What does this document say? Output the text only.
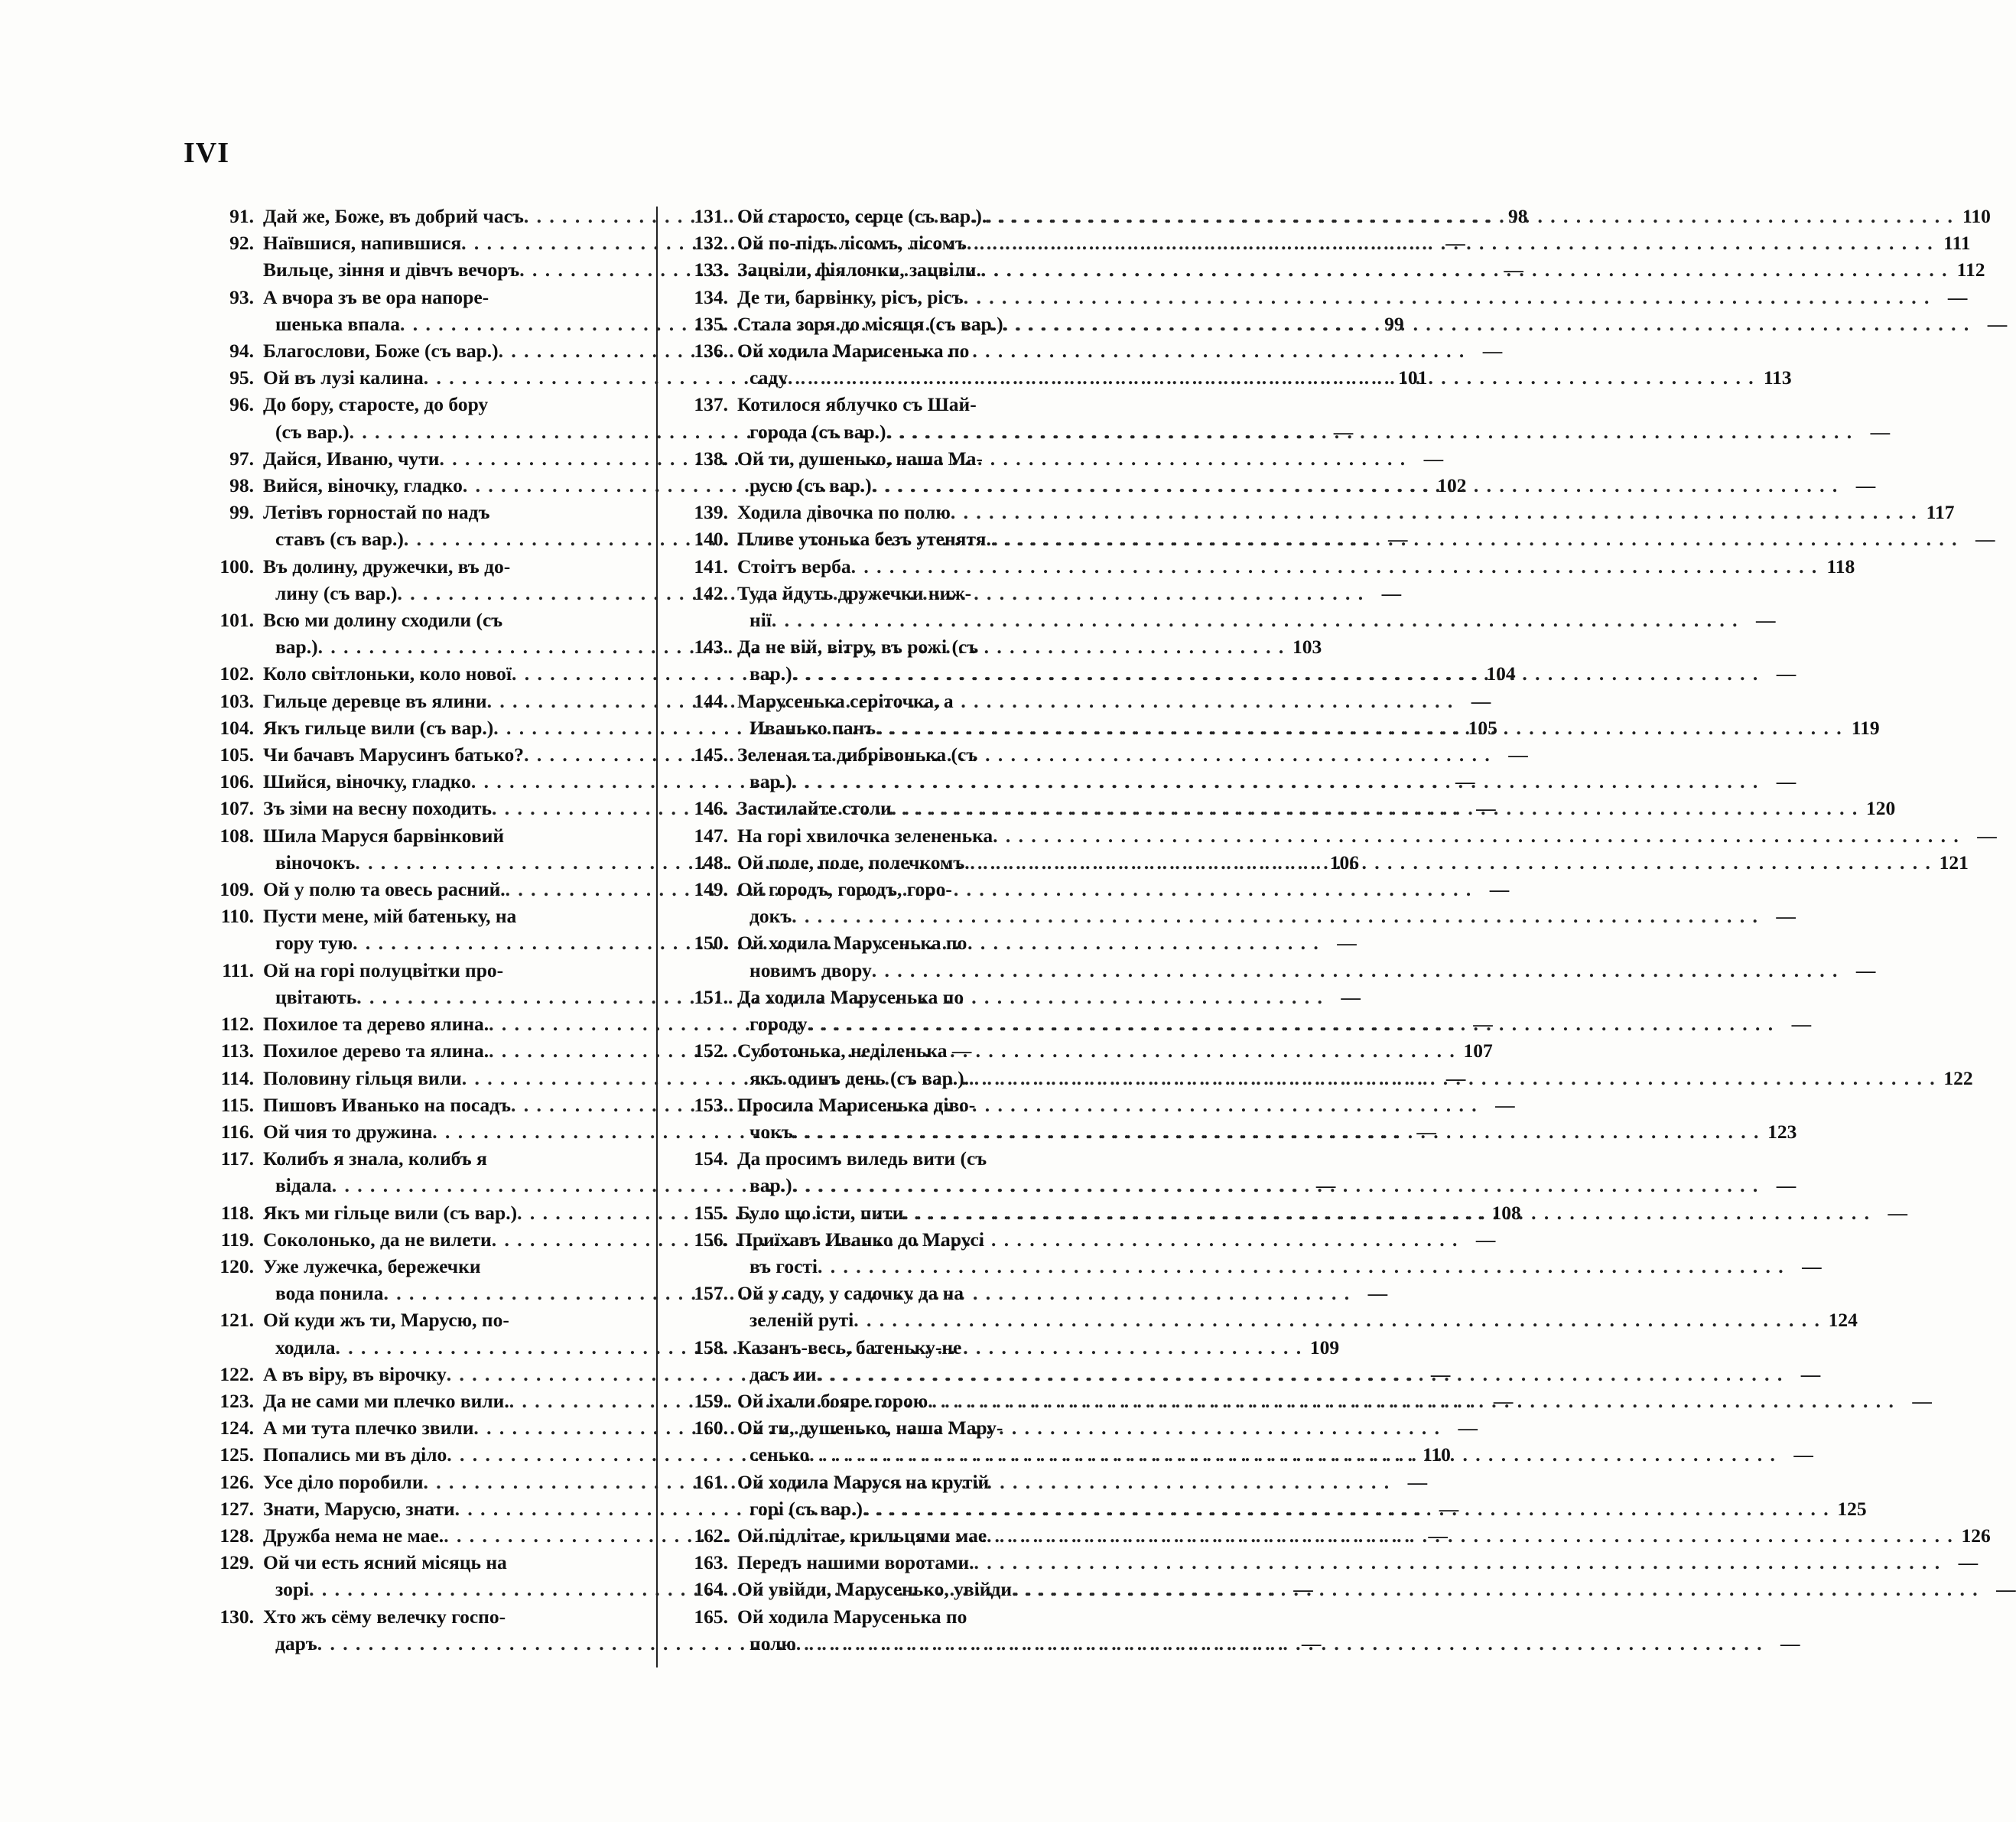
IVI
91. Дай же, Боже, въ добрий часъ . . .	98
92. Наївшися, напившися . . .	—
Вильце, зіння и дівчъ вечоръ . . .	—
93. А вчора зъ ве ора напоре-
шенька впала . . .	99
94. Благослови, Боже (съ вар.) . . .	—
95. Ой въ лузі калина . . .	101
96. До бору, старосте, до бору
(съ вар.) . . .	—
97. Дайся, Иваню, чути . . .	—
98. Вийся, віночку, гладко . . .	102
99. Летівъ горностай по надъ
ставъ (съ вар.) . . .	—
100. Въ долину, дружечки, въ до-
лину (съ вар.) . . .	—
101. Всю ми долину сходили (съ
вар.) . . .	103
102. Коло світлоньки, коло нової . . .	104
103. Гильце деревце въ ялини . . .	—
104. Якъ гильце вили (съ вар.) . . .	105
105. Чи бачавъ Марусинъ батько? . . .	—
106. Шийся, віночку, гладко . . .	—
107. Зъ зіми на весну походить . . .	—
108. Шила Маруся барвінковий
віночокъ . . .	106
109. Ой у полю та овесь расний. . . .	—
110. Пусти мене, мій батеньку, на
гору тую . . .	—
111. Ой на горі полуцвітки про-
цвітають . . .	—
112. Похилое та дерево ялина. . . .	—
113. Похилое дерево та ялина. . . .	107
114. Половину гільця вили . . .	—
115. Пишовъ Иванько на посадъ . . .	—
116. Ой чия то дружина . . .	—
117. Колибъ я знала, колибъ я
відала . . .	—
118. Якъ ми гільце вили (съ вар.) . . .	108
119. Соколонько, да не вилети . . .	—
120. Уже лужечка, бережечки
вода понила . . .	—
121. Ой куди жъ ти, Марусю, по-
ходила . . .	109
122. А въ віру, въ вірочку . . .	—
123. Да не сами ми плечко вили. . . .	—
124. А ми тута плечко звили . . .	—
125. Попались ми въ діло . . .	110
126. Усе діло поробили . . .	—
127. Знати, Марусю, знати . . .	—
128. Дружба нема не мае. . . .	—
129. Ой чи есть ясний місяць на
зорі . . .	—
130. Хто жъ сёму велечку госпо-
даръ . . .	—
131. Ой старосто, серце (съ вар.). . . .	110
132. Ой по-підъ лісомъ, лісомъ . . .	111
133. Зацвіли, фіялочки, зацвіли. . . .	112
134. Де ти, барвінку, рісъ, рісъ . . .	—
135. Стала зоря до місяця (съ вар.) . . .	—
136. Ой ходила Марисенька по
саду . . .	113
137. Котилося яблучко съ Шай-
города (съ вар.) . . .	—
138. Ой ти, душенько, наша Ма-
русю (съ вар.) . . .	—
139. Ходила дівочка по полю . . .	117
140. Пливе утонька безъ утенятя. . . .	—
141. Стоітъ верба . . .	118
142. Туда йдуть дружечки ниж-
нії . . .	—
143. Да не вій, вітру, въ рожі (съ
вар.) . . .	—
144. Марусенька серіточка, а
Иванько панъ . . .	119
145. Зеленая та дибрівонька (съ
вар.) . . .	—
146. Застилайте столи . . .	120
147. На горі хвилочка зелененька . . .	—
148. Ой поле, поле, полечкомъ . . .	121
149. Ой городъ, городъ, горо-
докъ . . .	—
150. Ой ходила Марусенька по
новимъ двору . . .	—
151. Да ходила Марусенька по
городу . . .	—
152. Суботонька, неділенька —
якъ одинъ день (съ вар.). . . .	122
153. Просила Марисенька діво-
чокъ . . .	123
154. Да просимъ виледь вити (съ
вар.) . . .	—
155. Було що істи, пити . . .	—
156. Приїхавъ Иванко до Марусі
въ гості . . .	—
157. Ой у саду, у садочку да на
зеленій руті . . .	124
158. Казанъ-весь, батеньку-не
дасъ ии . . .	—
159. Ой іхали бояре горою . . .	—
160. Ой ти, душенько, наша Мару-
сенько . . .	—
161. Ой ходила Маруся на крутій
горі (съ вар.) . . .	125
162. Ой підлітае, крильцями мае . . .	126
163. Передъ нашими воротами. . . .	—
164. Ой увійди, Марусенько, увійди . . .	—
165. Ой ходила Марусенька по
полю . . .	—
